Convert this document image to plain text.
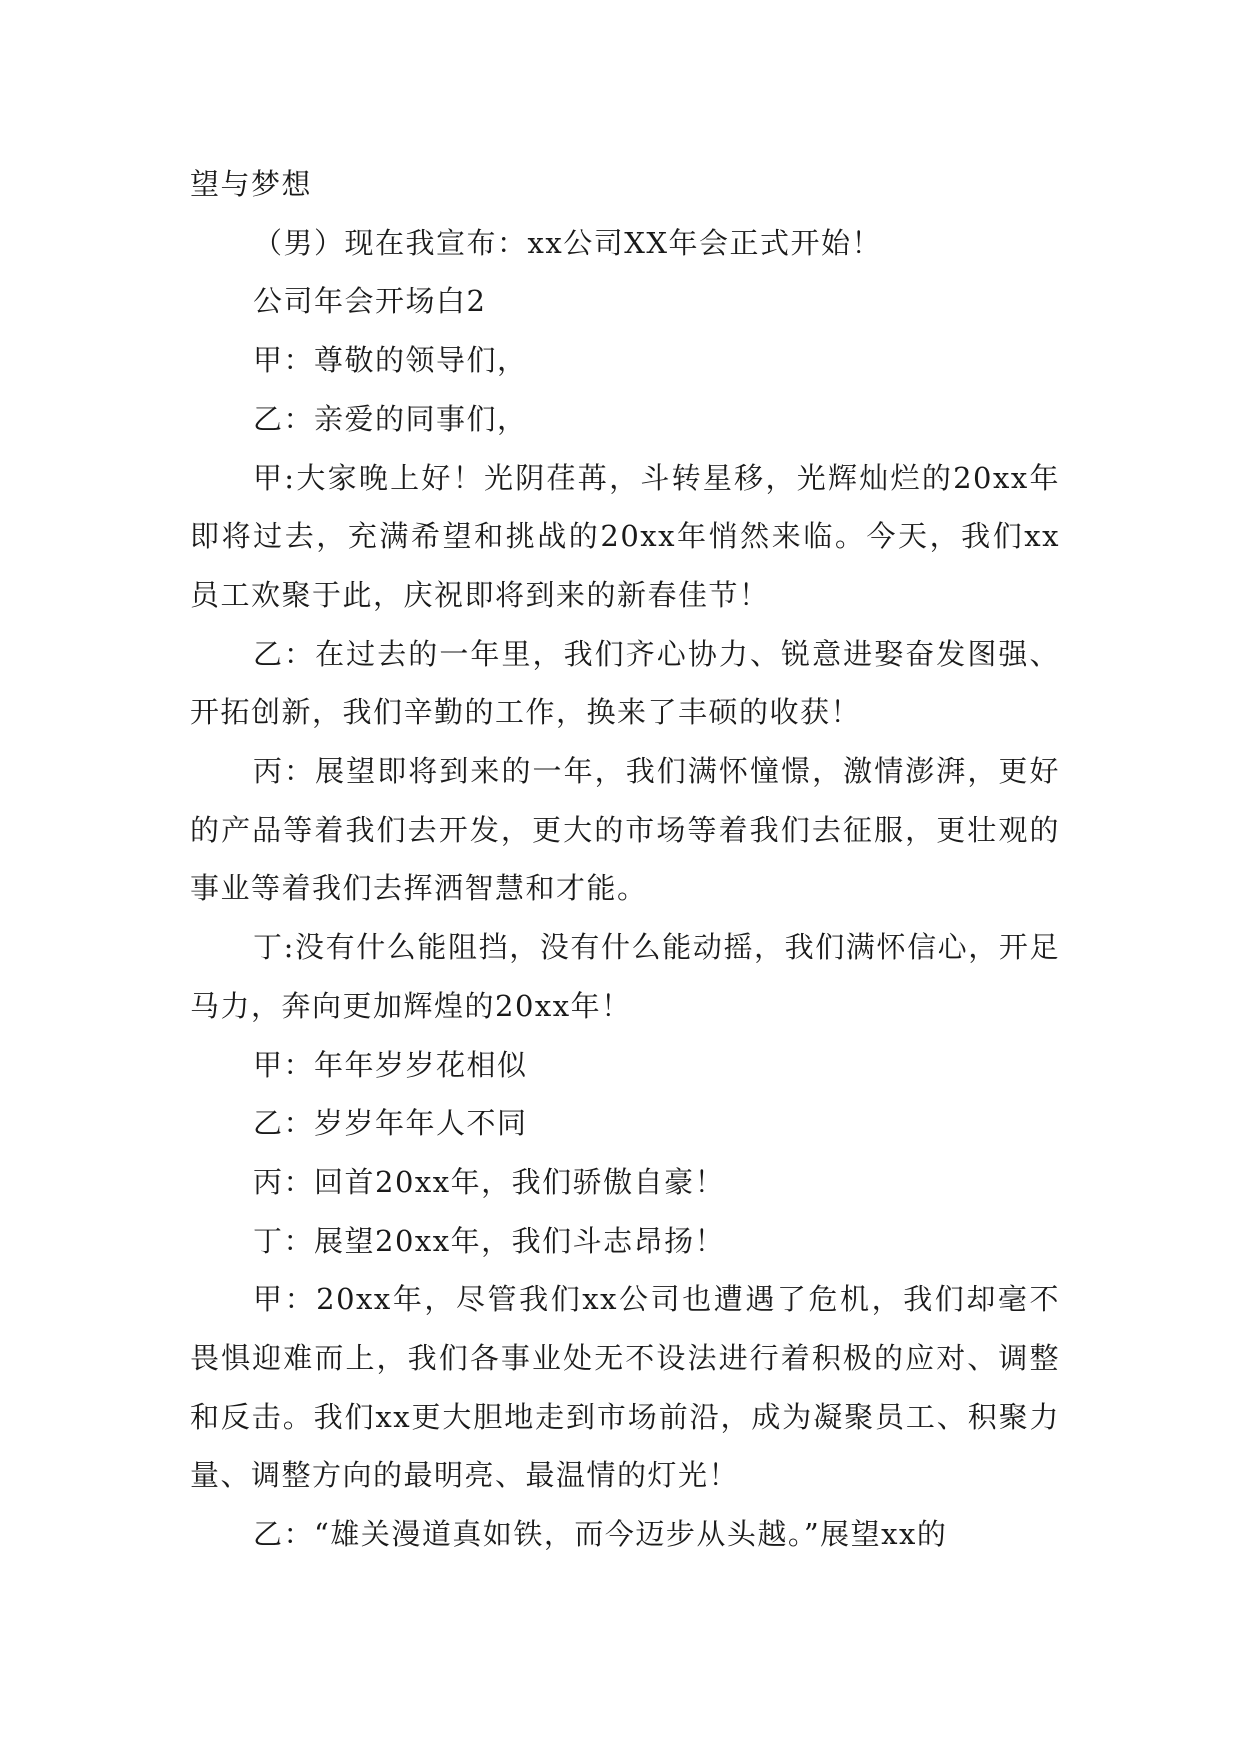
望与梦想

（男）现在我宣布：xx公司XX年会正式开始！

公司年会开场白2

甲：尊敬的领导们，

乙：亲爱的同事们，

甲:大家晚上好！光阴荏苒，斗转星移，光辉灿烂的20xx年即将过去，充满希望和挑战的20xx年悄然来临。今天，我们xx员工欢聚于此，庆祝即将到来的新春佳节！

乙：在过去的一年里，我们齐心协力、锐意进娶奋发图强、开拓创新，我们辛勤的工作，换来了丰硕的收获！

丙：展望即将到来的一年，我们满怀憧憬，激情澎湃，更好的产品等着我们去开发，更大的市场等着我们去征服，更壮观的事业等着我们去挥洒智慧和才能。

丁:没有什么能阻挡，没有什么能动摇，我们满怀信心，开足马力，奔向更加辉煌的20xx年！

甲：年年岁岁花相似

乙：岁岁年年人不同

丙：回首20xx年，我们骄傲自豪！

丁：展望20xx年，我们斗志昂扬！

甲：20xx年，尽管我们xx公司也遭遇了危机，我们却毫不畏惧迎难而上，我们各事业处无不设法进行着积极的应对、调整和反击。我们xx更大胆地走到市场前沿，成为凝聚员工、积聚力量、调整方向的最明亮、最温情的灯光！

乙：“雄关漫道真如铁，而今迈步从头越。”展望xx的
